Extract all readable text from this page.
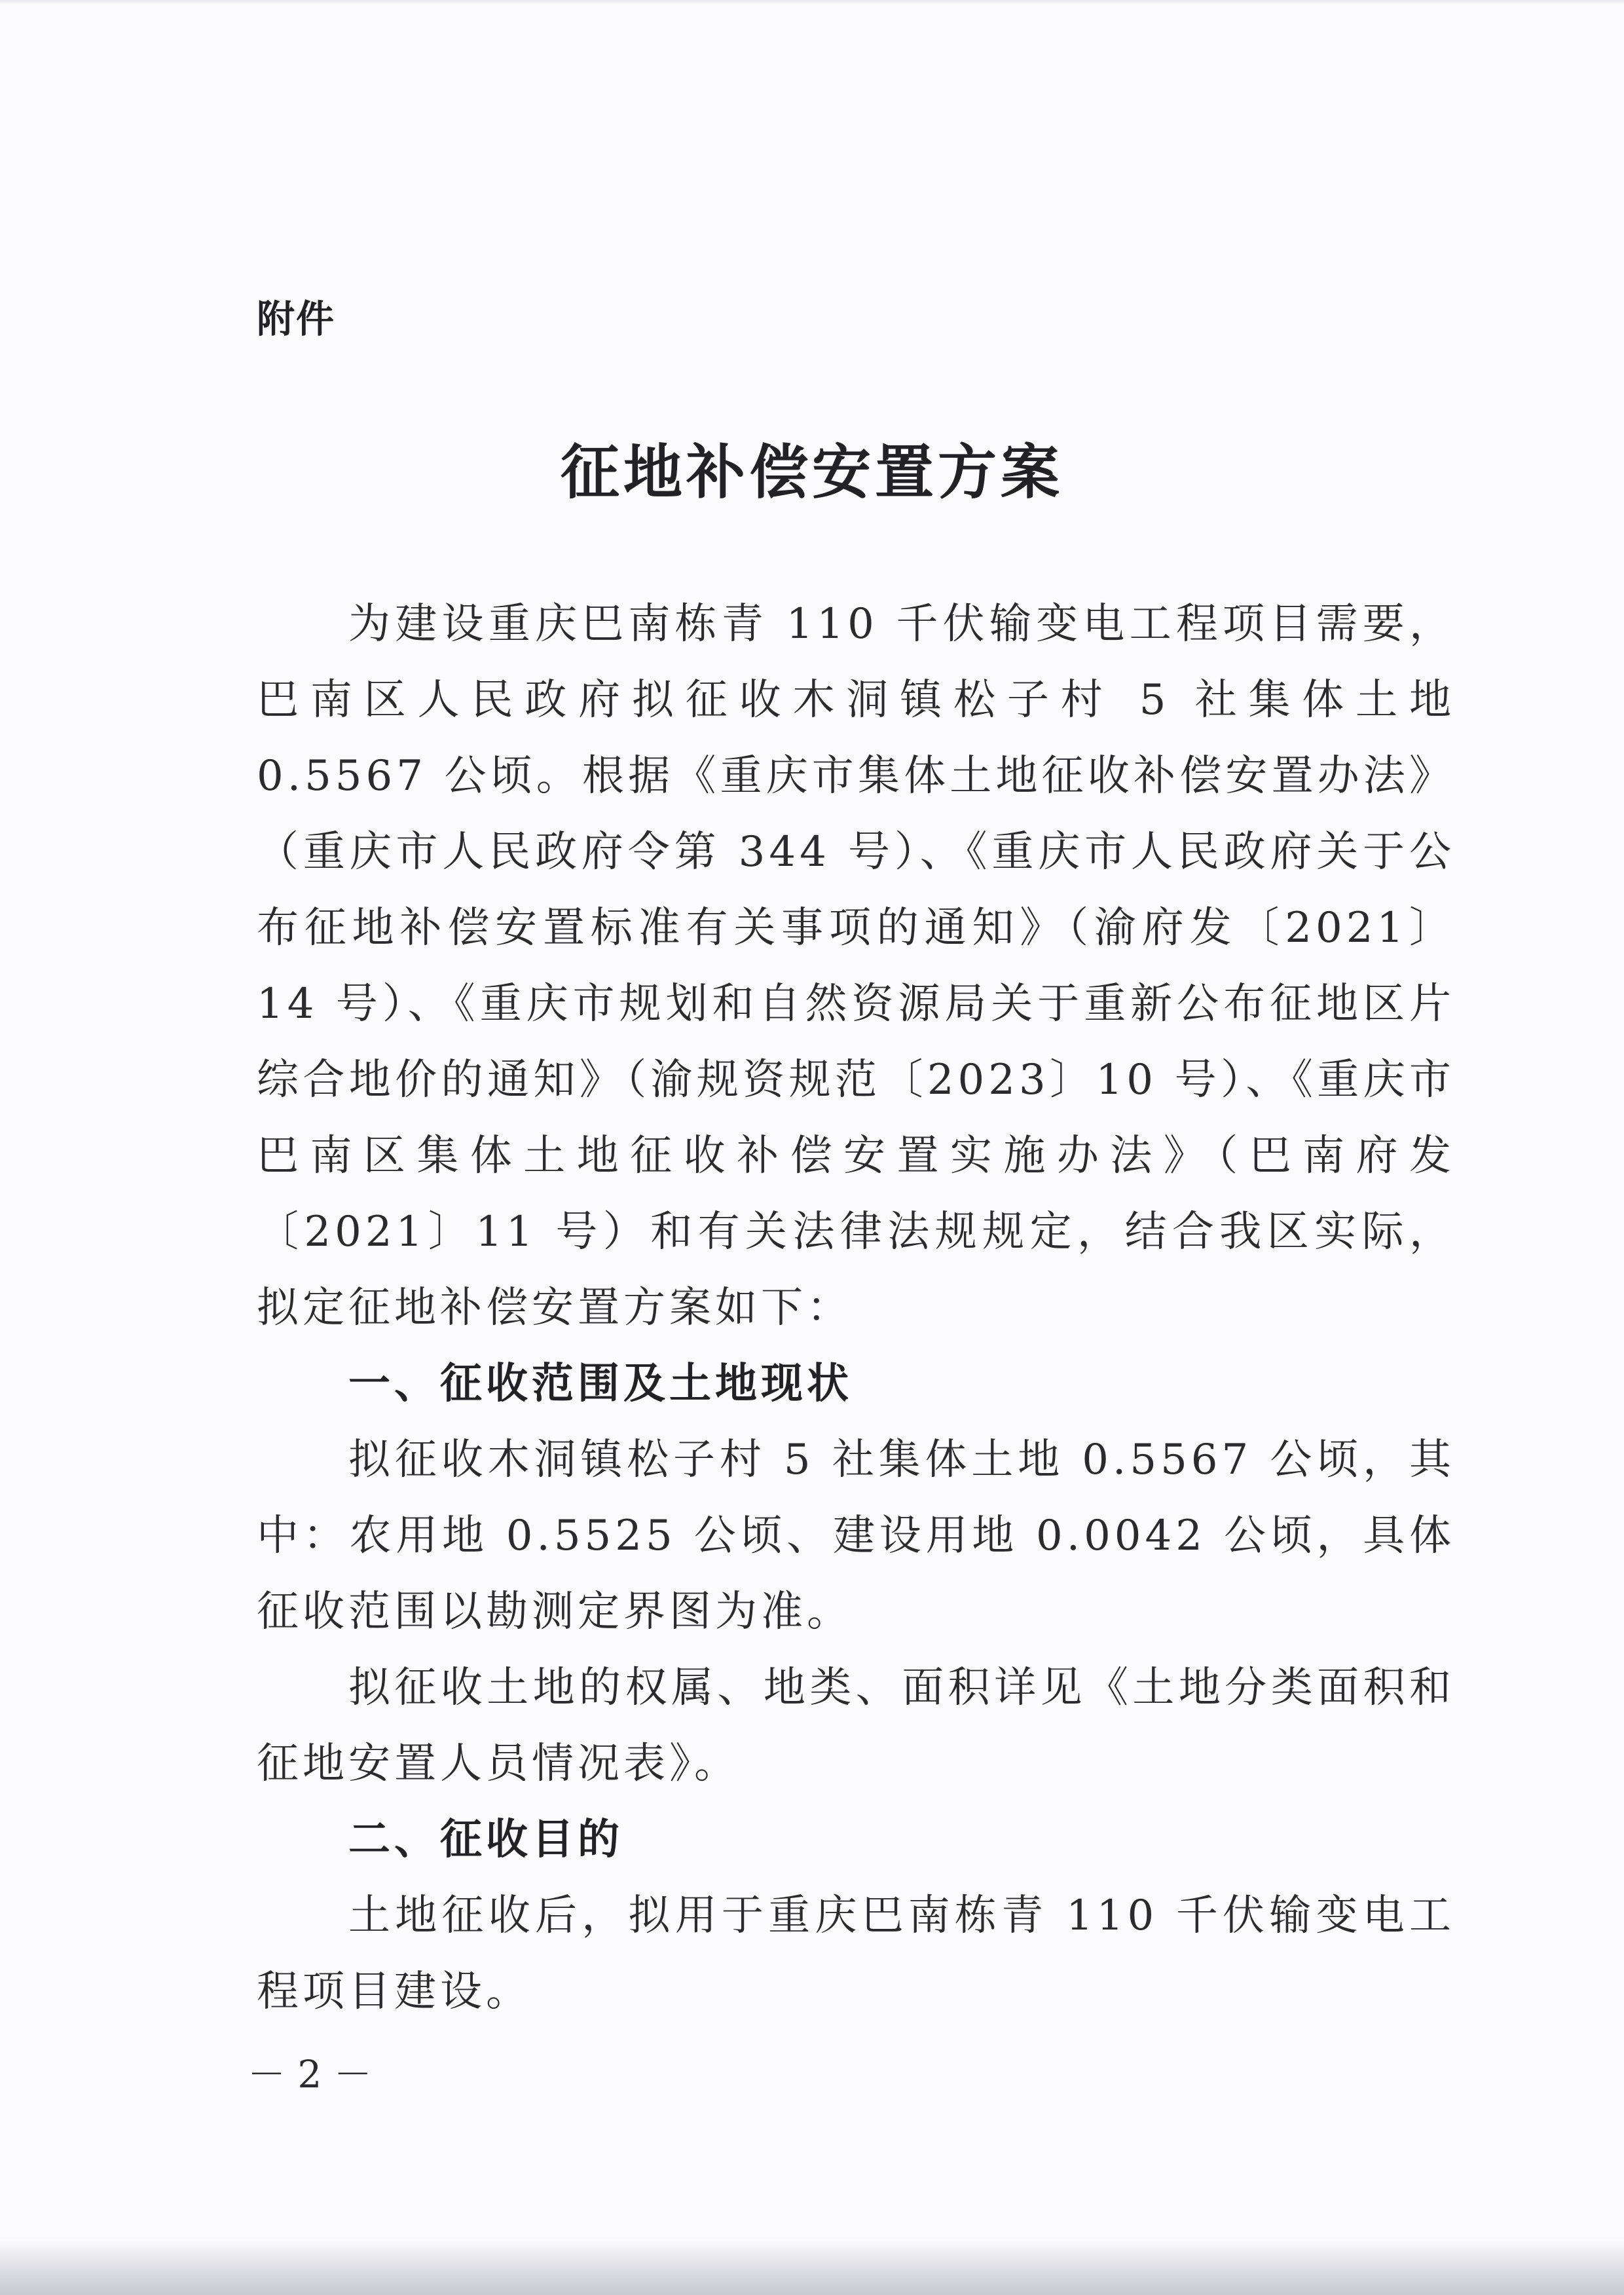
附件
征地补偿安置方案

为建设重庆巴南栋青 110 千伏输变电工程项目需要，巴南区人民政府拟征收木洞镇松子村 5 社集体土地 0.5567 公顷。根据《重庆市集体土地征收补偿安置办法》（重庆市人民政府令第 344 号）、《重庆市人民政府关于公布征地补偿安置标准有关事项的通知》（渝府发〔2021〕14 号）、《重庆市规划和自然资源局关于重新公布征地区片综合地价的通知》（渝规资规范〔2023〕10 号）、《重庆市巴南区集体土地征收补偿安置实施办法》（巴南府发〔2021〕11 号）和有关法律法规规定，结合我区实际，拟定征地补偿安置方案如下：

一、征收范围及土地现状

拟征收木洞镇松子村 5 社集体土地 0.5567 公顷，其中：农用地 0.5525 公顷、建设用地 0.0042 公顷，具体征收范围以勘测定界图为准。

拟征收土地的权属、地类、面积详见《土地分类面积和征地安置人员情况表》。

二、征收目的

土地征收后，拟用于重庆巴南栋青 110 千伏输变电工程项目建设。

－ 2 －
